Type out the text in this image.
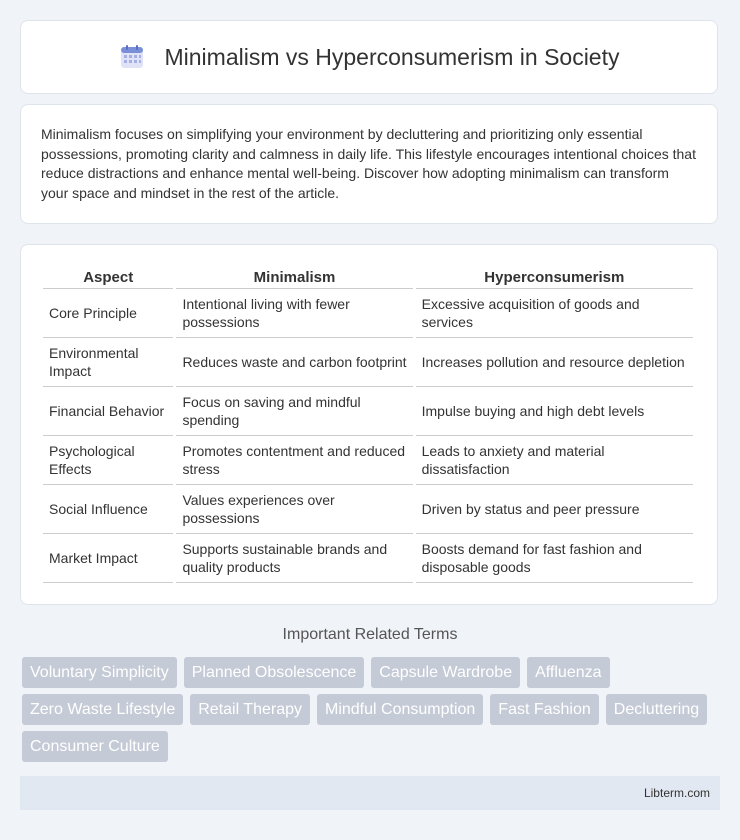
Minimalism vs Hyperconsumerism in Society

Minimalism focuses on simplifying your environment by decluttering and prioritizing only essential possessions, promoting clarity and calmness in daily life. This lifestyle encourages intentional choices that reduce distractions and enhance mental well-being. Discover how adopting minimalism can transform your space and mindset in the rest of the article.

Aspect	Minimalism	Hyperconsumerism
Core Principle	Intentional living with fewer possessions	Excessive acquisition of goods and services
Environmental Impact	Reduces waste and carbon footprint	Increases pollution and resource depletion
Financial Behavior	Focus on saving and mindful spending	Impulse buying and high debt levels
Psychological Effects	Promotes contentment and reduced stress	Leads to anxiety and material dissatisfaction
Social Influence	Values experiences over possessions	Driven by status and peer pressure
Market Impact	Supports sustainable brands and quality products	Boosts demand for fast fashion and disposable goods
Important Related Terms
Voluntary Simplicity	Planned Obsolescence	Capsule Wardrobe	Affluenza
Zero Waste Lifestyle	Retail Therapy	Mindful Consumption	Fast Fashion	Decluttering
Consumer Culture
Libterm.com
